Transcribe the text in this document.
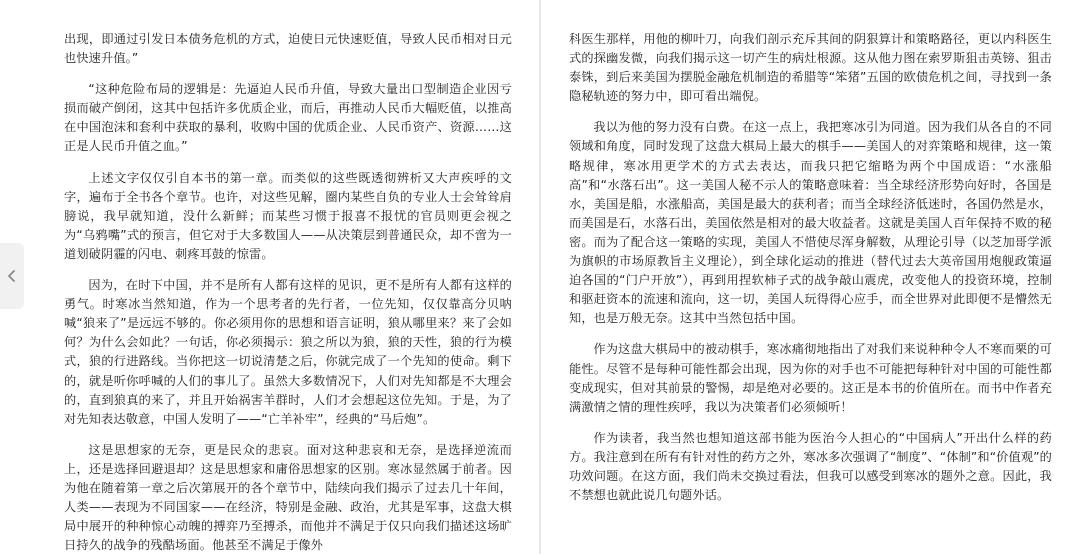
出现，即通过引发日本债务危机的方式，迫使日元快速贬值，导致人民币相对日元也快速升值。”

“这种危险布局的逻辑是：先逼迫人民币升值，导致大量出口型制造企业因亏损而破产倒闭，这其中包括许多优质企业，而后，再推动人民币大幅贬值，以推高在中国泡沫和套利中获取的暴利，收购中国的优质企业、人民币资产、资源……这正是人民币升值之血。”

上述文字仅仅引自本书的第一章。而类似的这些既透彻辨析又大声疾呼的文字，遍布于全书各个章节。也许，对这些见解，圈内某些自负的专业人士会耸耸肩膀说，我早就知道，没什么新鲜；而某些习惯于报喜不报忧的官员则更会视之为“乌鸦嘴”式的预言，但它对于大多数国人——从决策层到普通民众，却不啻为一道划破阴霾的闪电、刺疼耳鼓的惊雷。

因为，在时下中国，并不是所有人都有这样的见识，更不是所有人都有这样的勇气。时寒冰当然知道，作为一个思考者的先行者，一位先知，仅仅靠高分贝呐喊“狼来了”是远远不够的。你必须用你的思想和语言证明，狼从哪里来？来了会如何？为什么会如此？一句话，你必须揭示：狼之所以为狼，狼的天性，狼的行为模式，狼的行进路线。当你把这一切说清楚之后，你就完成了一个先知的使命。剩下的，就是听你呼喊的人们的事儿了。虽然大多数情况下，人们对先知都是不大理会的，直到狼真的来了，并且开始祸害羊群时，人们才会想起这位先知。于是，为了对先知表达敬意，中国人发明了——“亡羊补牢”，经典的“马后炮”。

这是思想家的无奈，更是民众的悲哀。面对这种悲哀和无奈，是选择逆流而上，还是选择回避退却？这是思想家和庸俗思想家的区别。寒冰显然属于前者。因为他在随着第一章之后次第展开的各个章节中，陆续向我们揭示了过去几十年间，人类——表现为不同国家——在经济，特别是金融、政治，尤其是军事，这盘大棋局中展开的种种惊心动魄的搏弈乃至搏杀，而他并不满足于仅只向我们描述这场旷日持久的战争的残酷场面。他甚至不满足于像外

科医生那样，用他的柳叶刀，向我们剖示充斥其间的阴狠算计和策略路径，更以内科医生式的探幽发微，向我们揭示这一切产生的病灶根源。这从他力图在索罗斯狙击英镑、狙击泰铢，到后来美国为摆脱金融危机制造的希腊等“笨猪”五国的欧债危机之间，寻找到一条隐秘轨迹的努力中，即可看出端倪。

我以为他的努力没有白费。在这一点上，我把寒冰引为同道。因为我们从各自的不同领域和角度，同时发现了这盘大棋局上最大的棋手——美国人的对弈策略和规律，这一策略规律，寒冰用更学术的方式去表达，而我只把它缩略为两个中国成语：“水涨船高”和“水落石出”。这一美国人秘不示人的策略意味着：当全球经济形势向好时，各国是水，美国是船，水涨船高，美国是最大的获利者；而当全球经济低迷时，各国仍然是水，而美国是石，水落石出，美国依然是相对的最大收益者。这就是美国人百年保持不败的秘密。而为了配合这一策略的实现，美国人不惜使尽浑身解数，从理论引导（以芝加哥学派为旗帜的市场原教旨主义理论），到全球化运动的推进（替代过去大英帝国用炮舰政策逼迫各国的“门户开放”），再到用捏软柿子式的战争敲山震虎，改变他人的投资环境，控制和驱赶资本的流速和流向，这一切，美国人玩得得心应手，而全世界对此即便不是懵然无知，也是万般无奈。这其中当然包括中国。

作为这盘大棋局中的被动棋手，寒冰痛彻地指出了对我们来说种种令人不寒而栗的可能性。尽管不是每种可能性都会出现，因为你的对手也不可能把每种针对中国的可能性都变成现实，但对其前景的警惕，却是绝对必要的。这正是本书的价值所在。而书中作者充满激情之情的理性疾呼，我以为决策者们必须倾听！

作为读者，我当然也想知道这部书能为医治今人担心的“中国病人”开出什么样的药方。我注意到在所有有针对性的药方之外，寒冰多次强调了“制度”、“体制”和“价值观”的功效问题。在这方面，我们尚未交换过看法，但我可以感受到寒冰的题外之意。因此，我不禁想也就此说几句题外话。
